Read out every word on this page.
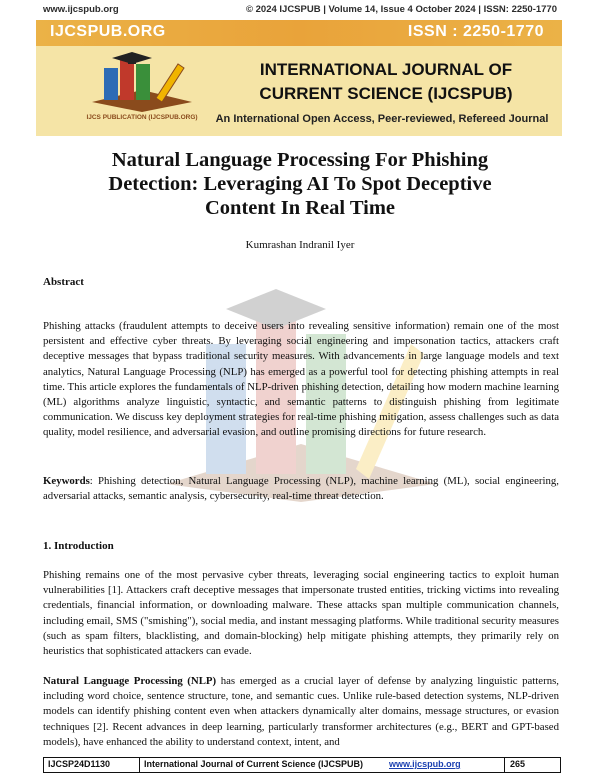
www.ijcspub.org	© 2024 IJCSPUB | Volume 14, Issue 4 October 2024 | ISSN: 2250-1770
IJCSPUB.ORG	ISSN : 2250-1770
IJCS PUBLICATION (IJCSPUB.ORG)
INTERNATIONAL JOURNAL OF
CURRENT SCIENCE (IJCSPUB)
An International Open Access, Peer-reviewed, Refereed Journal
Natural Language Processing For Phishing
Detection: Leveraging AI To Spot Deceptive
Content In Real Time
Kumrashan Indranil Iyer
Abstract
Phishing attacks (fraudulent attempts to deceive users into revealing sensitive information) remain one of the most persistent and effective cyber threats. By leveraging social engineering and impersonation tactics, attackers craft deceptive messages that bypass traditional security measures. With advancements in large language models and text analytics, Natural Language Processing (NLP) has emerged as a powerful tool for detecting phishing attempts in real time. This article explores the fundamentals of NLP-driven phishing detection, detailing how modern machine learning (ML) algorithms analyze linguistic, syntactic, and semantic patterns to distinguish phishing from legitimate communication. We discuss key deployment strategies for real-time phishing mitigation, assess challenges such as data quality, model resilience, and adversarial evasion, and outline promising directions for future research.
Keywords: Phishing detection, Natural Language Processing (NLP), machine learning (ML), social engineering, adversarial attacks, semantic analysis, cybersecurity, real-time threat detection.
1. Introduction
Phishing remains one of the most pervasive cyber threats, leveraging social engineering tactics to exploit human vulnerabilities [1]. Attackers craft deceptive messages that impersonate trusted entities, tricking victims into revealing credentials, financial information, or downloading malware. These attacks span multiple communication channels, including email, SMS ("smishing"), social media, and instant messaging platforms. While traditional security measures (such as spam filters, blacklisting, and domain-blocking) help mitigate phishing attempts, they primarily rely on heuristics that sophisticated attackers can evade.
Natural Language Processing (NLP) has emerged as a crucial layer of defense by analyzing linguistic patterns, including word choice, sentence structure, tone, and semantic cues. Unlike rule-based detection systems, NLP-driven models can identify phishing content even when attackers dynamically alter domains, message structures, or evasion techniques [2]. Recent advances in deep learning, particularly transformer architectures (e.g., BERT and GPT-based models), have enhanced the ability to understand context, intent, and
IJCSP24D1130	International Journal of Current Science (IJCSPUB)	www.ijcspub.org	265
